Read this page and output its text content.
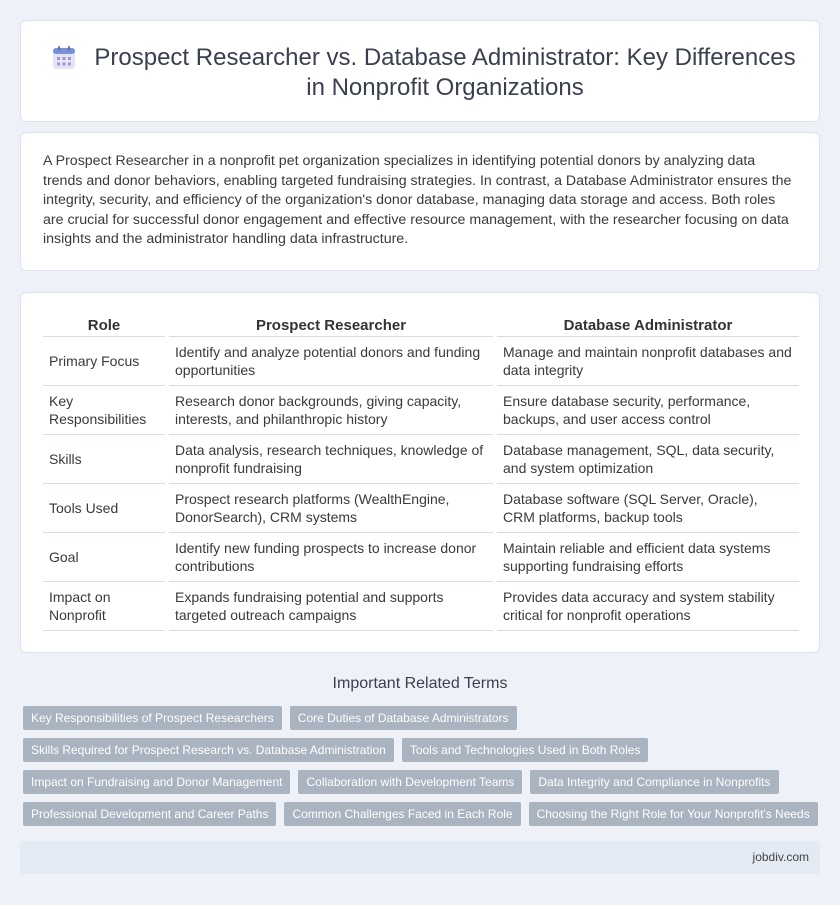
Prospect Researcher vs. Database Administrator: Key Differences in Nonprofit Organizations

A Prospect Researcher in a nonprofit pet organization specializes in identifying potential donors by analyzing data trends and donor behaviors, enabling targeted fundraising strategies. In contrast, a Database Administrator ensures the integrity, security, and efficiency of the organization's donor database, managing data storage and access. Both roles are crucial for successful donor engagement and effective resource management, with the researcher focusing on data insights and the administrator handling data infrastructure.

Role		Prospect Researcher		Database Administrator
Primary Focus		Identify and analyze potential donors and funding opportunities		Manage and maintain nonprofit databases and data integrity
Key Responsibilities		Research donor backgrounds, giving capacity, interests, and philanthropic history		Ensure database security, performance, backups, and user access control
Skills		Data analysis, research techniques, knowledge of nonprofit fundraising		Database management, SQL, data security, and system optimization
Tools Used		Prospect research platforms (WealthEngine, DonorSearch), CRM systems		Database software (SQL Server, Oracle), CRM platforms, backup tools
Goal		Identify new funding prospects to increase donor contributions		Maintain reliable and efficient data systems supporting fundraising efforts
Impact on Nonprofit		Expands fundraising potential and supports targeted outreach campaigns		Provides data accuracy and system stability critical for nonprofit operations
Important Related Terms
Key Responsibilities of Prospect Researchers	Core Duties of Database Administrators
Skills Required for Prospect Research vs. Database Administration	Tools and Technologies Used in Both Roles
Impact on Fundraising and Donor Management	Collaboration with Development Teams	Data Integrity and Compliance in Nonprofits
Professional Development and Career Paths	Common Challenges Faced in Each Role	Choosing the Right Role for Your Nonprofit's Needs
jobdiv.com
